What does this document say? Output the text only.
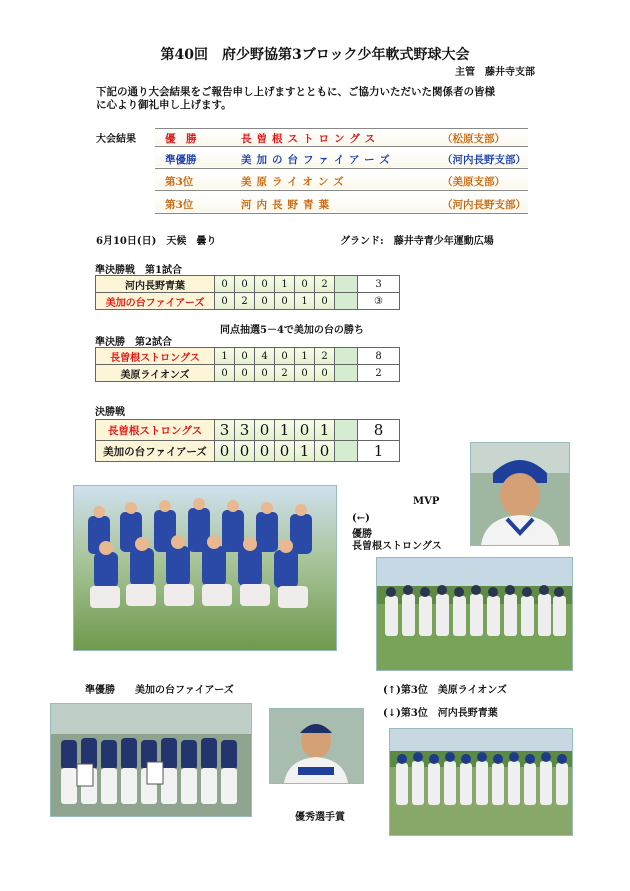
第40回　府少野協第3ブロック少年軟式野球大会
主管　藤井寺支部
下記の通り大会結果をご報告申し上げますとともに、ご協力いただいた関係者の皆様
に心より御礼申し上げます。
大会結果	優　勝	長曽根ストロングス	（松原支部）
準優勝	美加の台ファイアーズ	（河内長野支部）
第3位	美原ライオンズ	（美原支部）
第3位	河内長野青葉	（河内長野支部）
6月10日(日)　天候　曇り	グランド:　藤井寺青少年運動広場
準決勝戦　第1試合
河内長野青葉	0	0	0	1	0	2		3
美加の台ファイアーズ	0	2	0	0	1	0		③
同点抽選5－4で美加の台の勝ち
準決勝　第2試合
長曽根ストロングス	1	0	4	0	1	2		8
美原ライオンズ	0	0	0	2	0	0		2
決勝戦
長曽根ストロングス	3	3	0	1	0	1		8
美加の台ファイアーズ	0	0	0	0	1	0		1
MVP
(←)
優勝
長曽根ストロングス
準優勝　　美加の台ファイアーズ	(↑)第3位　美原ライオンズ
(↓)第3位　河内長野青葉
優秀選手賞
